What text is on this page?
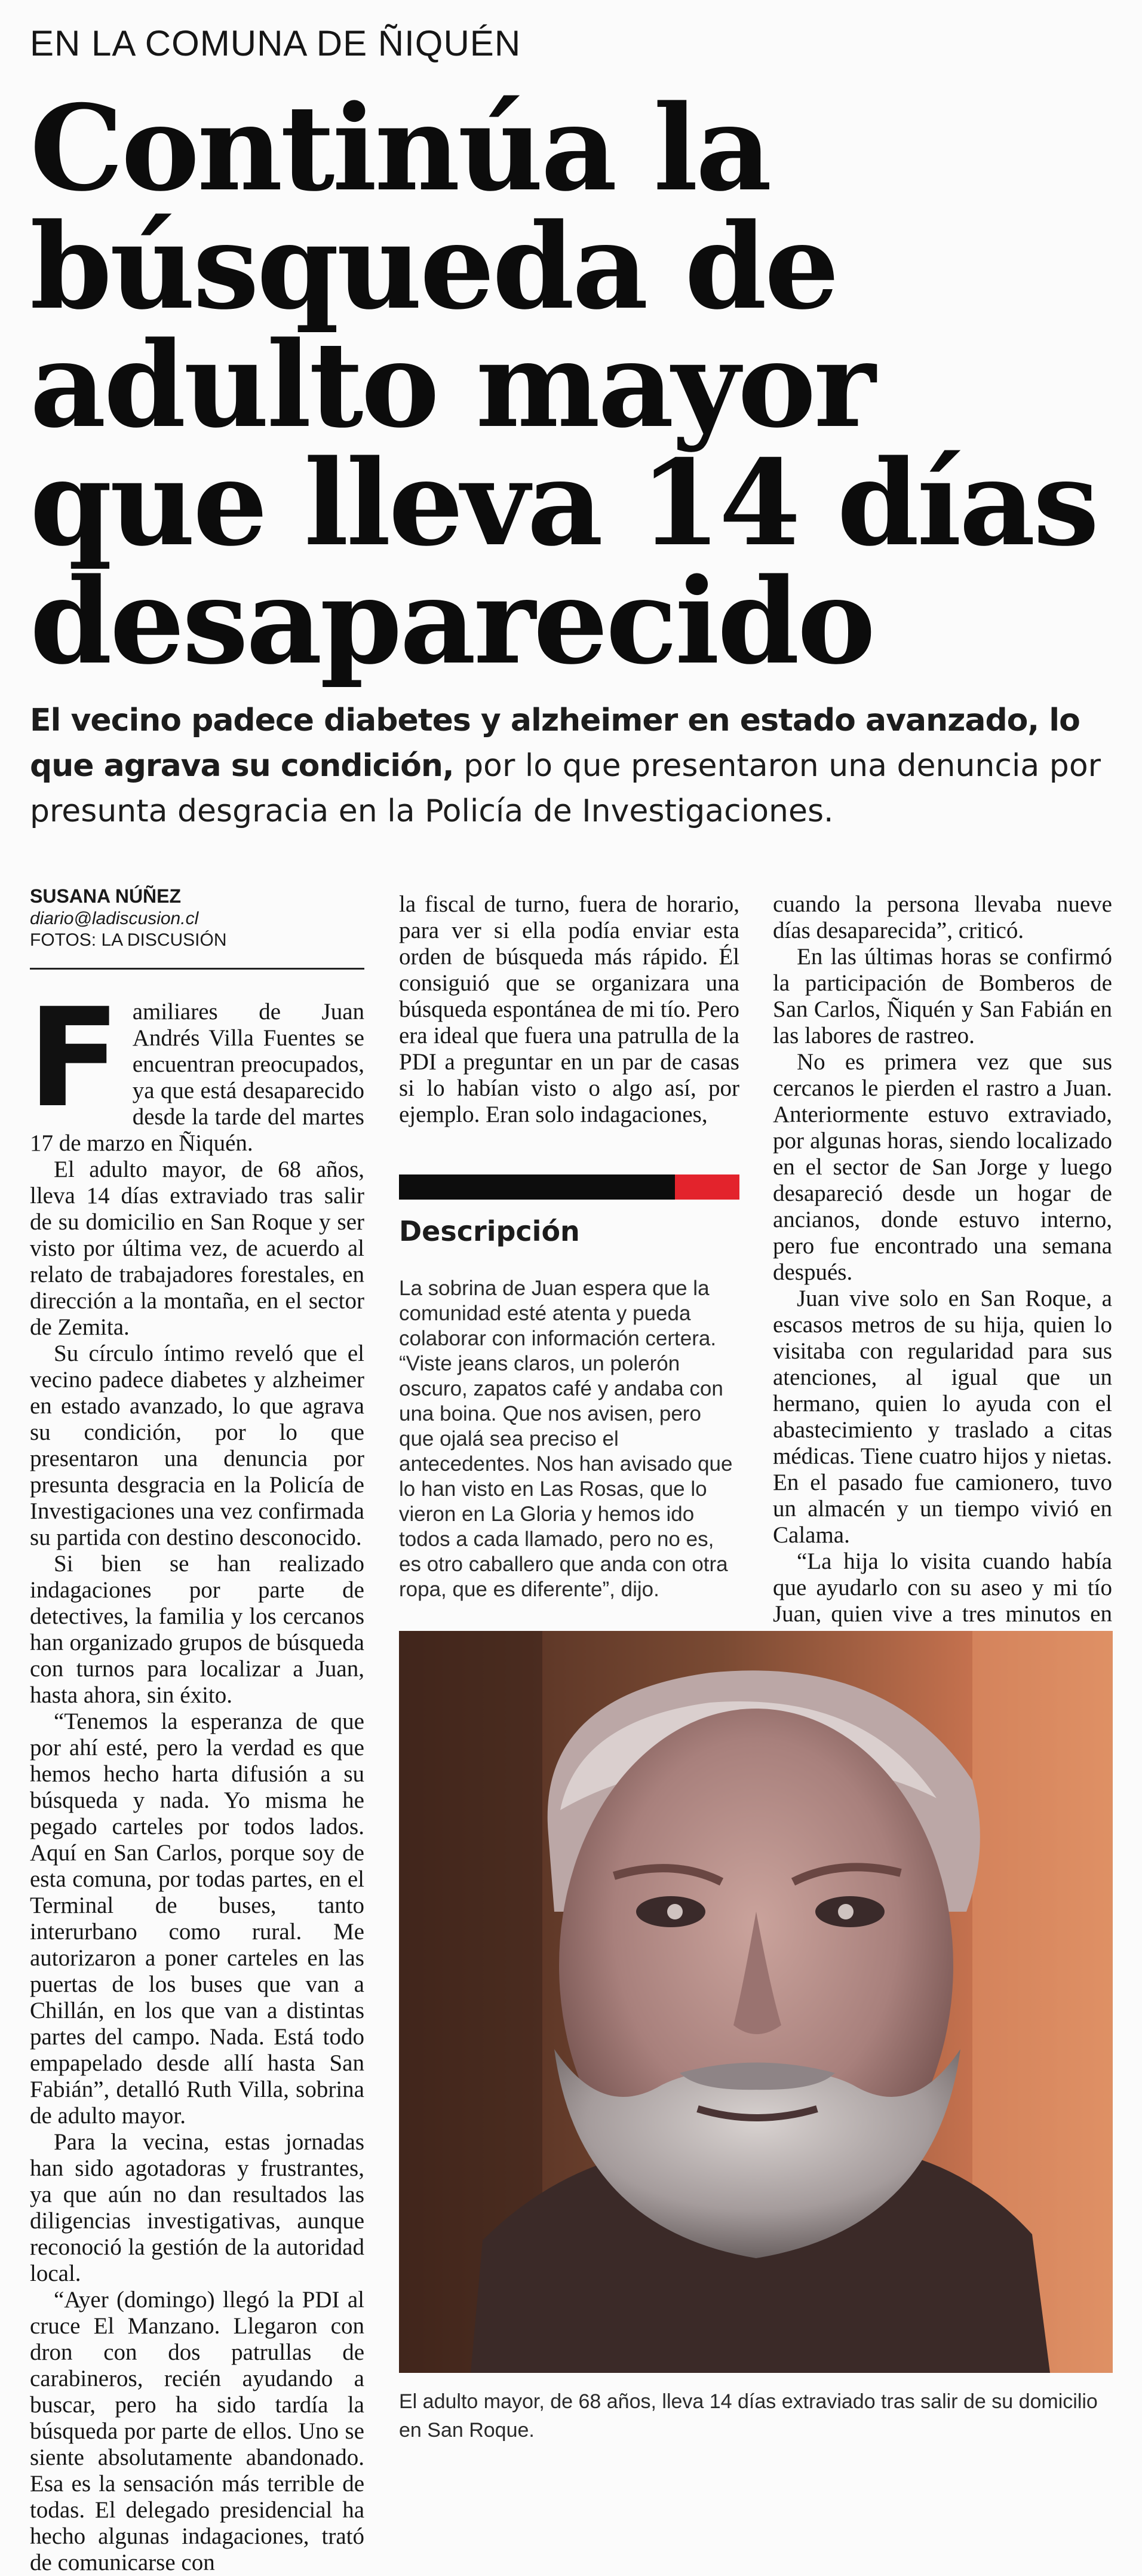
EN LA COMUNA DE ÑIQUÉN
Continúa la
búsqueda de
adulto mayor
que lleva 14 días
desaparecido
El vecino padece diabetes y alzheimer en estado avanzado, lo que agrava su condición, por lo que presentaron una denuncia por presunta desgracia en la Policía de Investigaciones.
SUSANA NÚÑEZ
diario@ladiscusion.cl
FOTOS: LA DISCUSIÓN
F amiliares de Juan Andrés Villa Fuentes se encuentran preocupados, ya que está desaparecido desde la tarde del martes 17 de marzo en Ñiquén.

El adulto mayor, de 68 años, lleva 14 días extraviado tras salir de su domicilio en San Roque y ser visto por última vez, de acuerdo al relato de trabajadores forestales, en dirección a la montaña, en el sector de Zemita.

Su círculo íntimo reveló que el vecino padece diabetes y alzheimer en estado avanzado, lo que agrava su condición, por lo que presentaron una denuncia por presunta desgracia en la Policía de Investigaciones una vez confirmada su partida con destino desconocido.

Si bien se han realizado indagaciones por parte de detectives, la familia y los cercanos han organizado grupos de búsqueda con turnos para localizar a Juan, hasta ahora, sin éxito.

“Tenemos la esperanza de que por ahí esté, pero la verdad es que hemos hecho harta difusión a su búsqueda y nada. Yo misma he pegado carteles por todos lados. Aquí en San Carlos, porque soy de esta comuna, por todas partes, en el Terminal de buses, tanto interurbano como rural. Me autorizaron a poner carteles en las puertas de los buses que van a Chillán, en los que van a distintas partes del campo. Nada. Está todo empapelado desde allí hasta San Fabián”, detalló Ruth Villa, sobrina de adulto mayor.

Para la vecina, estas jornadas han sido agotadoras y frustrantes, ya que aún no dan resultados las diligencias investigativas, aunque reconoció la gestión de la autoridad local.

“Ayer (domingo) llegó la PDI al cruce El Manzano. Llegaron con dron con dos patrullas de carabineros, recién ayudando a buscar, pero ha sido tardía la búsqueda por parte de ellos. Uno se siente absolutamente abandonado. Esa es la sensación más terrible de todas. El delegado presidencial ha hecho algunas indagaciones, trató de comunicarse con

la fiscal de turno, fuera de horario, para ver si ella podía enviar esta orden de búsqueda más rápido. Él consiguió que se organizara una búsqueda espontánea de mi tío. Pero era ideal que fuera una patrulla de la PDI a preguntar en un par de casas si lo habían visto o algo así, por ejemplo. Eran solo indagaciones,

Descripción
La sobrina de Juan espera que la comunidad esté atenta y pueda colaborar con información certera. “Viste jeans claros, un polerón oscuro, zapatos café y andaba con una boina. Que nos avisen, pero que ojalá sea preciso el antecedentes. Nos han avisado que lo han visto en Las Rosas, que lo vieron en La Gloria y hemos ido todos a cada llamado, pero no es, es otro caballero que anda con otra ropa, que es diferente”, dijo.

cuando la persona llevaba nueve días desaparecida”, criticó.

En las últimas horas se confirmó la participación de Bomberos de San Carlos, Ñiquén y San Fabián en las labores de rastreo.

No es primera vez que sus cercanos le pierden el rastro a Juan. Anteriormente estuvo extraviado, por algunas horas, siendo localizado en el sector de San Jorge y luego desapareció desde un hogar de ancianos, donde estuvo interno, pero fue encontrado una semana después.

Juan vive solo en San Roque, a escasos metros de su hija, quien lo visitaba con regularidad para sus atenciones, al igual que un hermano, quien lo ayuda con el abastecimiento y traslado a citas médicas. Tiene cuatro hijos y nietas. En el pasado fue camionero, tuvo un almacén y un tiempo vivió en Calama.

“La hija lo visita cuando había que ayudarlo con su aseo y mi tío Juan, quien vive a tres minutos en

El adulto mayor, de 68 años, lleva 14 días extraviado tras salir de su domicilio en San Roque.
